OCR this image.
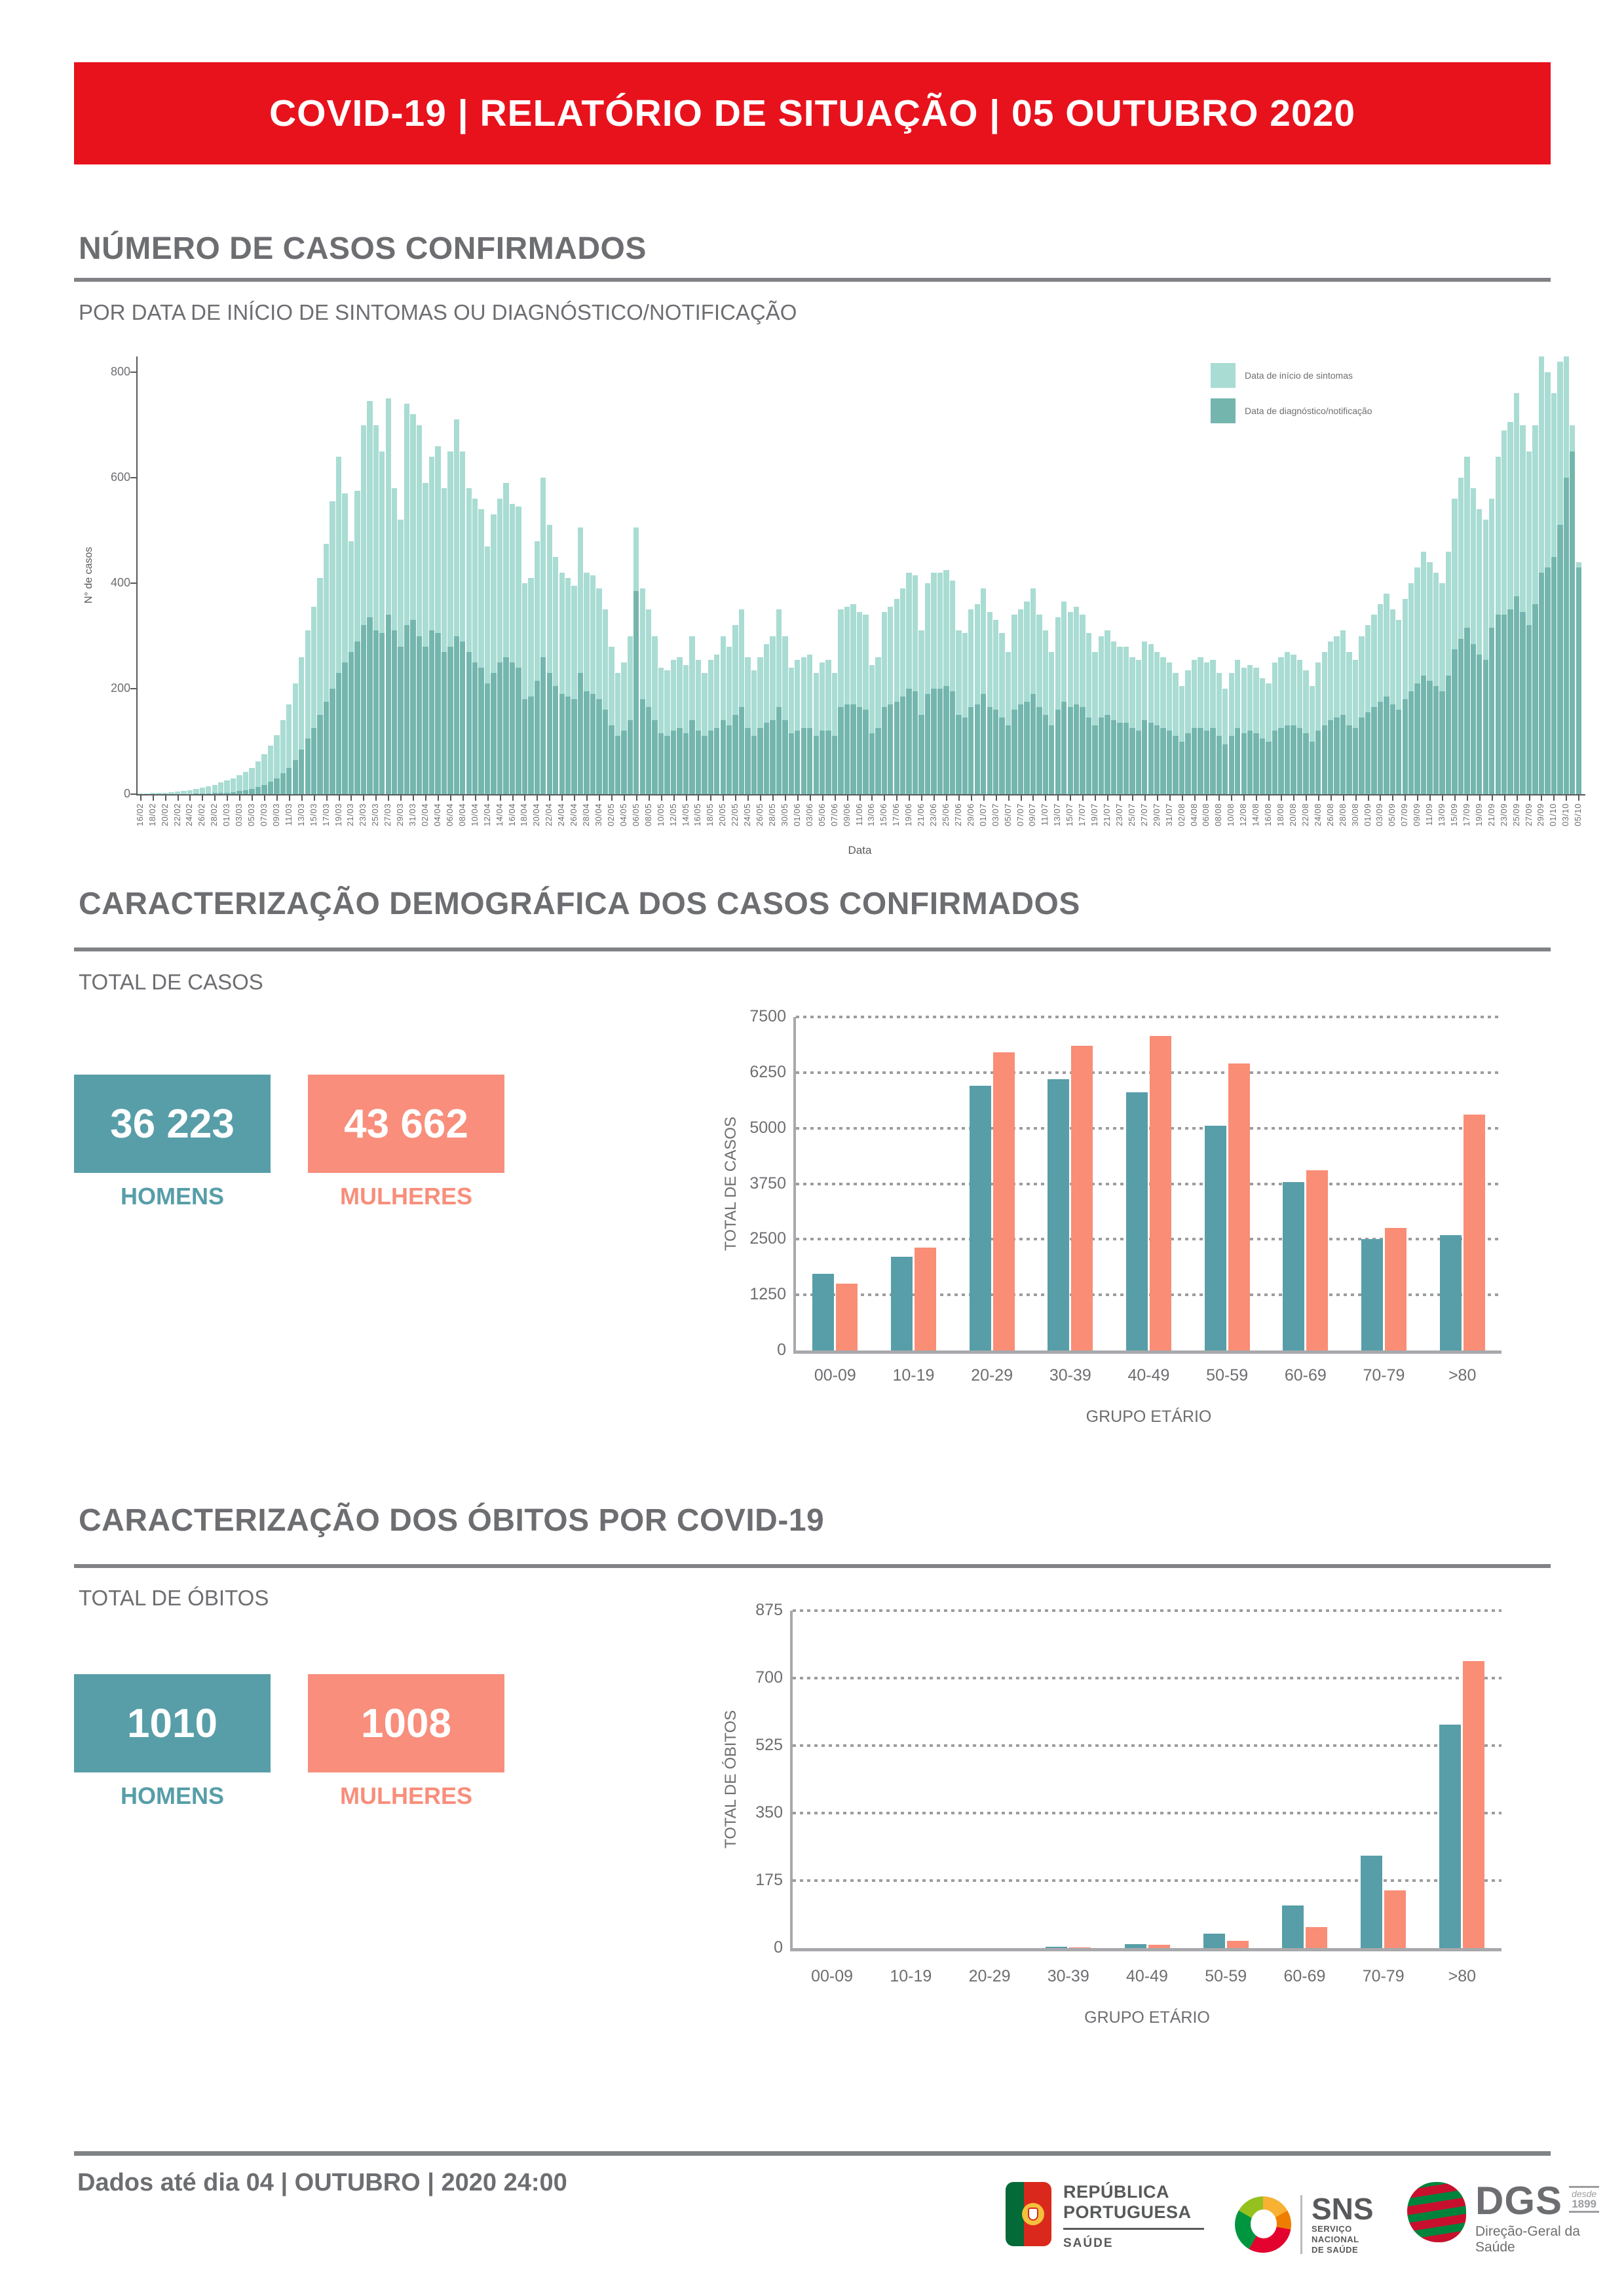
COVID-19 | RELATÓRIO DE SITUAÇÃO | 05 OUTUBRO 2020
NÚMERO DE CASOS CONFIRMADOS
POR DATA DE INÍCIO DE SINTOMAS OU DIAGNÓSTICO/NOTIFICAÇÃO
N° de casos
Data
Data de início de sintomas
Data de diagnóstico/notificação
0
200
400
600
800
16/02 18/02 20/02 22/02 24/02 26/02 28/02 01/03 03/03 05/03 07/03 09/03 11/03 13/03 15/03 17/03 19/03 21/03 23/03 25/03 27/03 29/03 31/03 02/04 04/04 06/04 08/04 10/04 12/04 14/04 16/04 18/04 20/04 22/04 24/04 26/04 28/04 30/04 02/05 04/05 06/05 08/05 10/05 12/05 14/05 16/05 18/05 20/05 22/05 24/05 26/05 28/05 30/05 01/06 03/06 05/06 07/06 09/06 11/06 13/06 15/06 17/06 19/06 21/06 23/06 25/06 27/06 29/06 01/07 03/07 05/07 07/07 09/07 11/07 13/07 15/07 17/07 19/07 21/07 23/07 25/07 27/07 29/07 31/07 02/08 04/08 06/08 08/08 10/08 12/08 14/08 16/08 18/08 20/08 22/08 24/08 26/08 28/08 30/08 01/09 03/09 05/09 07/09 09/09 11/09 13/09 15/09 17/09 19/09 21/09 23/09 25/09 27/09 29/09 01/10 03/10 05/10
CARACTERIZAÇÃO DEMOGRÁFICA DOS CASOS CONFIRMADOS
TOTAL DE CASOS
36 223	43 662
HOMENS	MULHERES	TOTAL DE CASOS
GRUPO ETÁRIO
0
1250
2500
3750
5000
6250
7500
00-09	10-19	20-29	30-39	40-49	50-59	60-69	70-79	>80
CARACTERIZAÇÃO DOS ÓBITOS POR COVID-19
TOTAL DE ÓBITOS
1010	1008
HOMENS	MULHERES	TOTAL DE ÓBITOS
GRUPO ETÁRIO
0
175
350
525
700
875
00-09	10-19	20-29	30-39	40-49	50-59	60-69	70-79	>80
Dados até dia 04 | OUTUBRO | 2020 24:00	REPÚBLICA
PORTUGUESA
SAÚDE
SNS
SERVIÇO NACIONAL
DE SAÚDE
DGS desde
1899
Direção-Geral da Saúde
